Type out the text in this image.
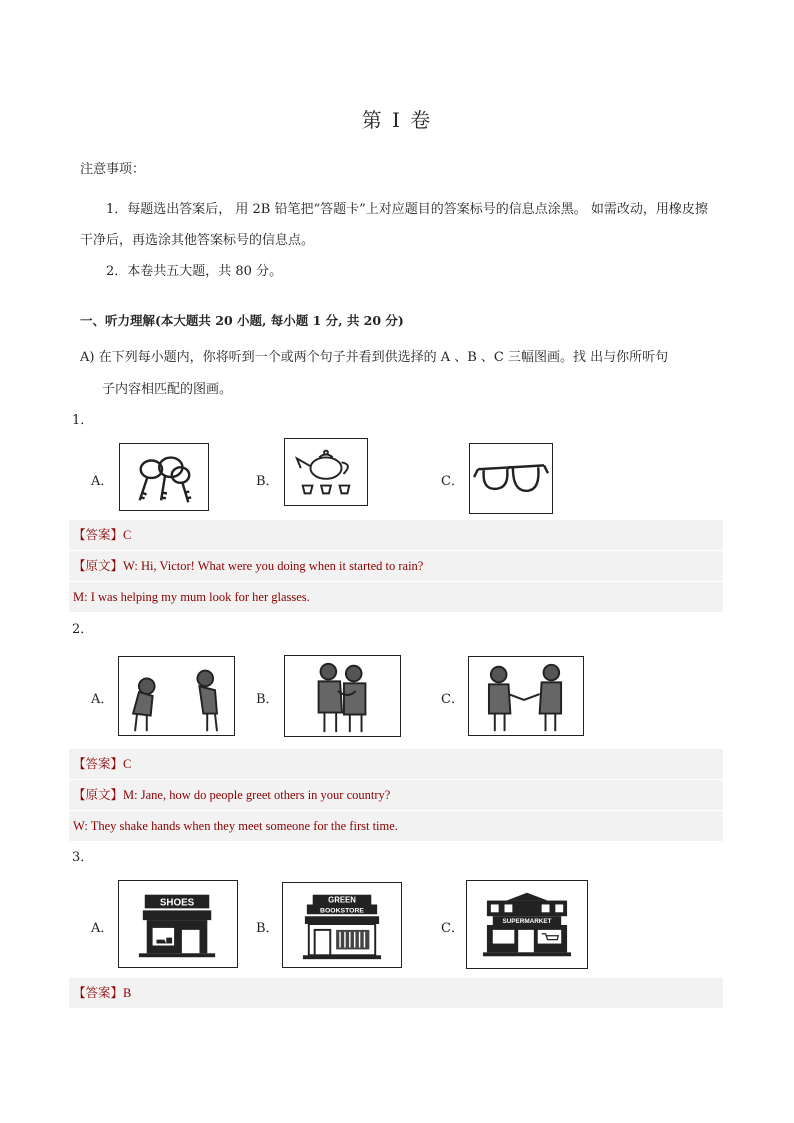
第 I 卷
注意事项：
1．每题选出答案后， 用 2B 铅笔把“答题卡”上对应题目的答案标号的信息点涂黑。 如需改动，用橡皮擦
干净后，再选涂其他答案标号的信息点。
2．本卷共五大题，共 80 分。
一、听力理解(本大题共 20 小题, 每小题 1 分, 共 20 分)
A) 在下列每小题内，你将听到一个或两个句子并看到供选择的 A 、B 、C 三幅图画。找 出与你所听句
子内容相匹配的图画。
1．
A．	B．	C．
【答案】C
【原文】W: Hi, Victor! What were you doing when it started to rain?
M: I was helping my mum look for her glasses.
2．
A．	B．	C．
【答案】C
【原文】M: Jane, how do people greet others in your country?
W: They shake hands when they meet someone for the first time.
3．
A．
SHOES
B．
GREEN
BOOKSTORE
C．	SUPERMARKET
【答案】B
